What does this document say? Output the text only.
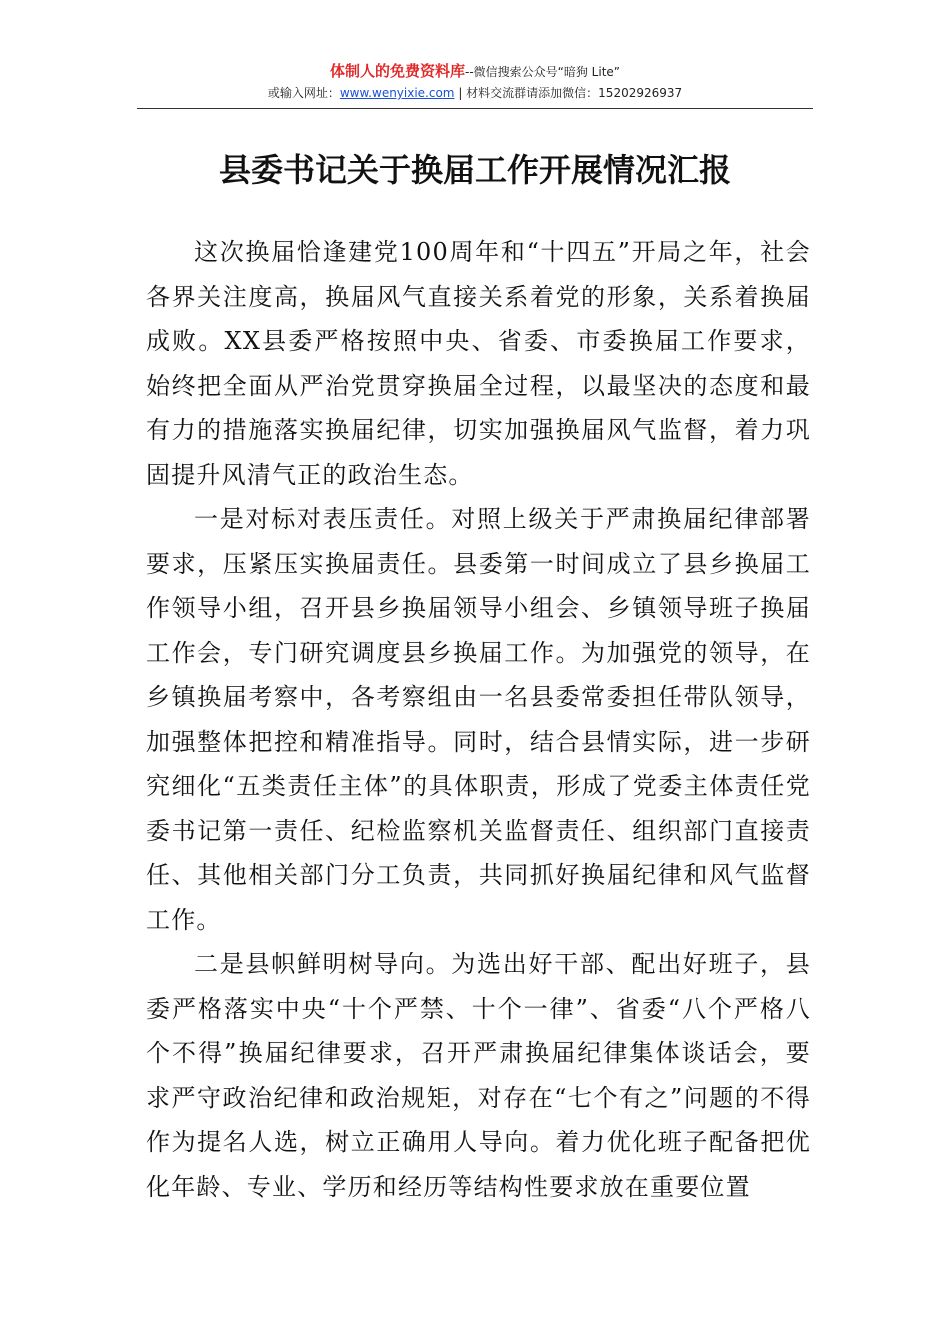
体制人的免费资料库--微信搜索公众号“暗狗 Lite”
或输入网址：www.wenyixie.com | 材料交流群请添加微信：15202926937
县委书记关于换届工作开展情况汇报

这次换届恰逢建党100周年和“十四五”开局之年，社会各界关注度高，换届风气直接关系着党的形象，关系着换届成败。XX县委严格按照中央、省委、市委换届工作要求，始终把全面从严治党贯穿换届全过程，以最坚决的态度和最有力的措施落实换届纪律，切实加强换届风气监督，着力巩固提升风清气正的政治生态。

一是对标对表压责任。对照上级关于严肃换届纪律部署要求，压紧压实换届责任。县委第一时间成立了县乡换届工作领导小组，召开县乡换届领导小组会、乡镇领导班子换届工作会，专门研究调度县乡换届工作。为加强党的领导，在乡镇换届考察中，各考察组由一名县委常委担任带队领导，加强整体把控和精准指导。同时，结合县情实际，进一步研究细化“五类责任主体”的具体职责，形成了党委主体责任党委书记第一责任、纪检监察机关监督责任、组织部门直接责任、其他相关部门分工负责，共同抓好换届纪律和风气监督工作。

二是县帜鲜明树导向。为选出好干部、配出好班子，县委严格落实中央“十个严禁、十个一律”、省委“八个严格八个不得”换届纪律要求，召开严肃换届纪律集体谈话会，要求严守政治纪律和政治规矩，对存在“七个有之”问题的不得作为提名人选，树立正确用人导向。着力优化班子配备把优化年龄、专业、学历和经历等结构性要求放在重要位置
